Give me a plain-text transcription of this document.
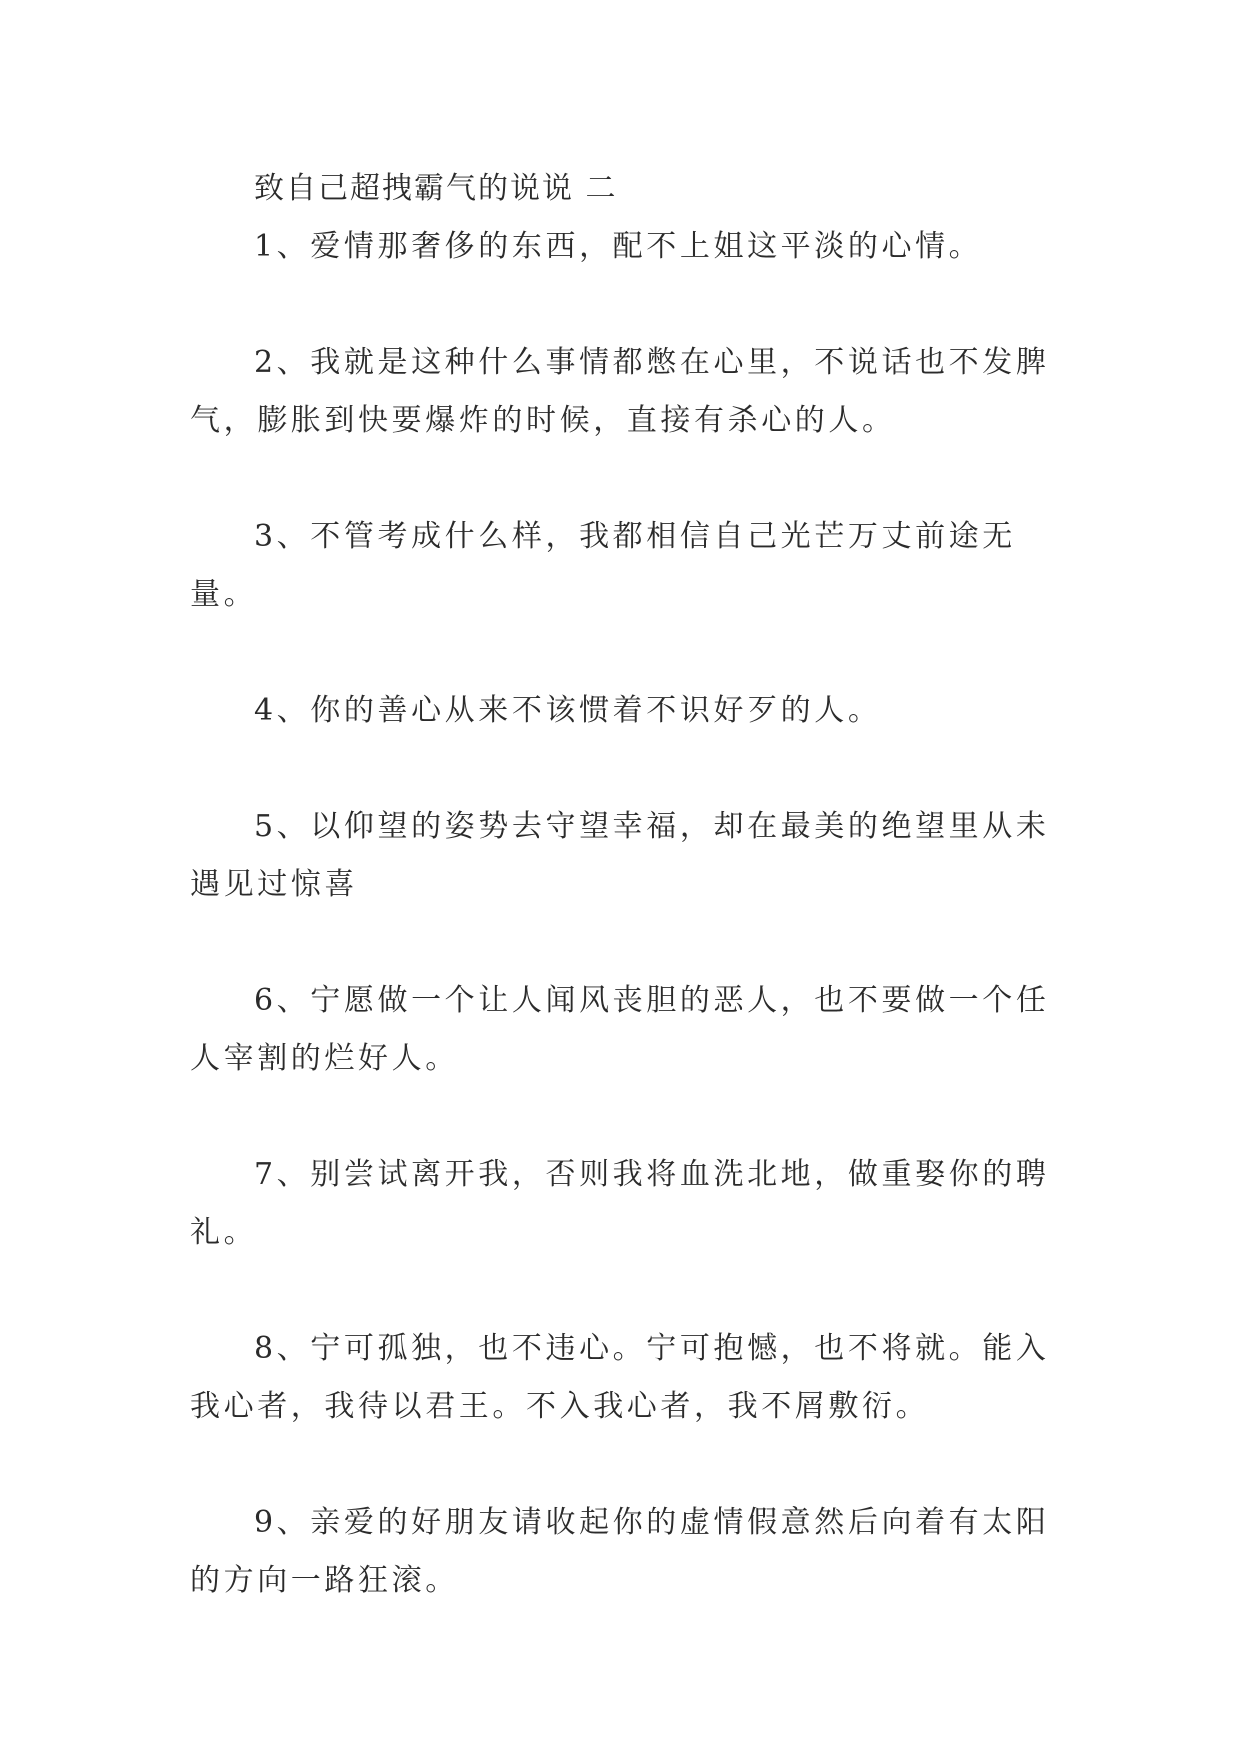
致自己超拽霸气的说说 二
1、爱情那奢侈的东西，配不上姐这平淡的心情。
2、我就是这种什么事情都憋在心里，不说话也不发脾气，膨胀到快要爆炸的时候，直接有杀心的人。
3、不管考成什么样，我都相信自己光芒万丈前途无量。
4、你的善心从来不该惯着不识好歹的人。
5、以仰望的姿势去守望幸福，却在最美的绝望里从未遇见过惊喜
6、宁愿做一个让人闻风丧胆的恶人，也不要做一个任人宰割的烂好人。
7、别尝试离开我，否则我将血洗北地，做重娶你的聘礼。
8、宁可孤独，也不违心。宁可抱憾，也不将就。能入我心者，我待以君王。不入我心者，我不屑敷衍。
9、亲爱的好朋友请收起你的虚情假意然后向着有太阳的方向一路狂滚。
